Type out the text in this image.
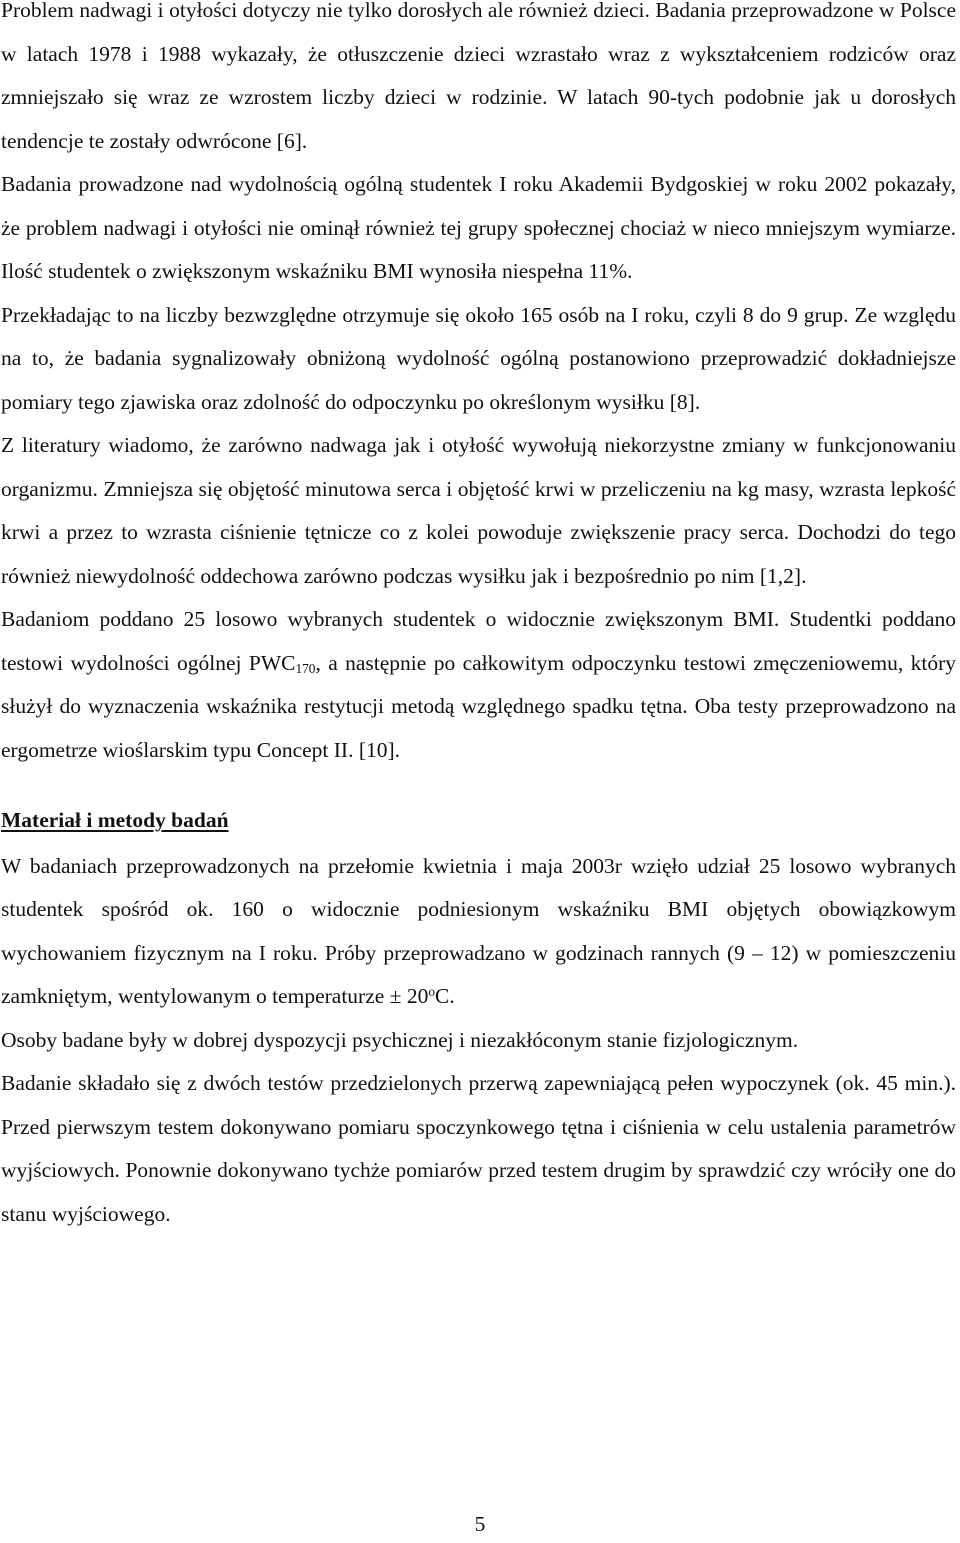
Problem nadwagi i otyłości dotyczy nie tylko dorosłych ale również dzieci. Badania przeprowadzone w Polsce w latach 1978 i 1988 wykazały, że otłuszczenie dzieci wzrastało wraz z wykształceniem rodziców oraz zmniejszało się wraz ze wzrostem liczby dzieci w rodzinie. W latach 90-tych podobnie jak u dorosłych tendencje te zostały odwrócone [6].

Badania prowadzone nad wydolnością ogólną studentek I roku Akademii Bydgoskiej w roku 2002 pokazały, że problem nadwagi i otyłości nie ominął również tej grupy społecznej chociaż w nieco mniejszym wymiarze. Ilość studentek o zwiększonym wskaźniku BMI wynosiła niespełna 11%.

Przekładając to na liczby bezwzględne otrzymuje się około 165 osób na I roku, czyli 8 do 9 grup. Ze względu na to, że badania sygnalizowały obniżoną wydolność ogólną postanowiono przeprowadzić dokładniejsze pomiary tego zjawiska oraz zdolność do odpoczynku po określonym wysiłku [8].

Z literatury wiadomo, że zarówno nadwaga jak i otyłość wywołują niekorzystne zmiany w funkcjonowaniu organizmu. Zmniejsza się objętość minutowa serca i objętość krwi w przeliczeniu na kg masy, wzrasta lepkość krwi a przez to wzrasta ciśnienie tętnicze co z kolei powoduje zwiększenie pracy serca. Dochodzi do tego również niewydolność oddechowa zarówno podczas wysiłku jak i bezpośrednio po nim [1,2].

Badaniom poddano 25 losowo wybranych studentek o widocznie zwiększonym BMI. Studentki poddano testowi wydolności ogólnej $PWC_{170}$, a następnie po całkowitym odpoczynku testowi zmęczeniowemu, który służył do wyznaczenia wskaźnika restytucji metodą względnego spadku tętna. Oba testy przeprowadzono na ergometrze wioślarskim typu Concept II. [10].

Materiał i metody badań

W badaniach przeprowadzonych na przełomie kwietnia i maja 2003r wzięło udział 25 losowo wybranych studentek spośród ok. 160 o widocznie podniesionym wskaźniku BMI objętych obowiązkowym wychowaniem fizycznym na I roku. Próby przeprowadzano w godzinach rannych (9 – 12) w pomieszczeniu zamkniętym, wentylowanym o temperaturze ± $20^oC$.

Osoby badane były w dobrej dyspozycji psychicznej i niezakłóconym stanie fizjologicznym.

Badanie składało się z dwóch testów przedzielonych przerwą zapewniającą pełen wypoczynek (ok. 45 min.). Przed pierwszym testem dokonywano pomiaru spoczynkowego tętna i ciśnienia w celu ustalenia parametrów wyjściowych. Ponownie dokonywano tychże pomiarów przed testem drugim by sprawdzić czy wróciły one do stanu wyjściowego.

5
